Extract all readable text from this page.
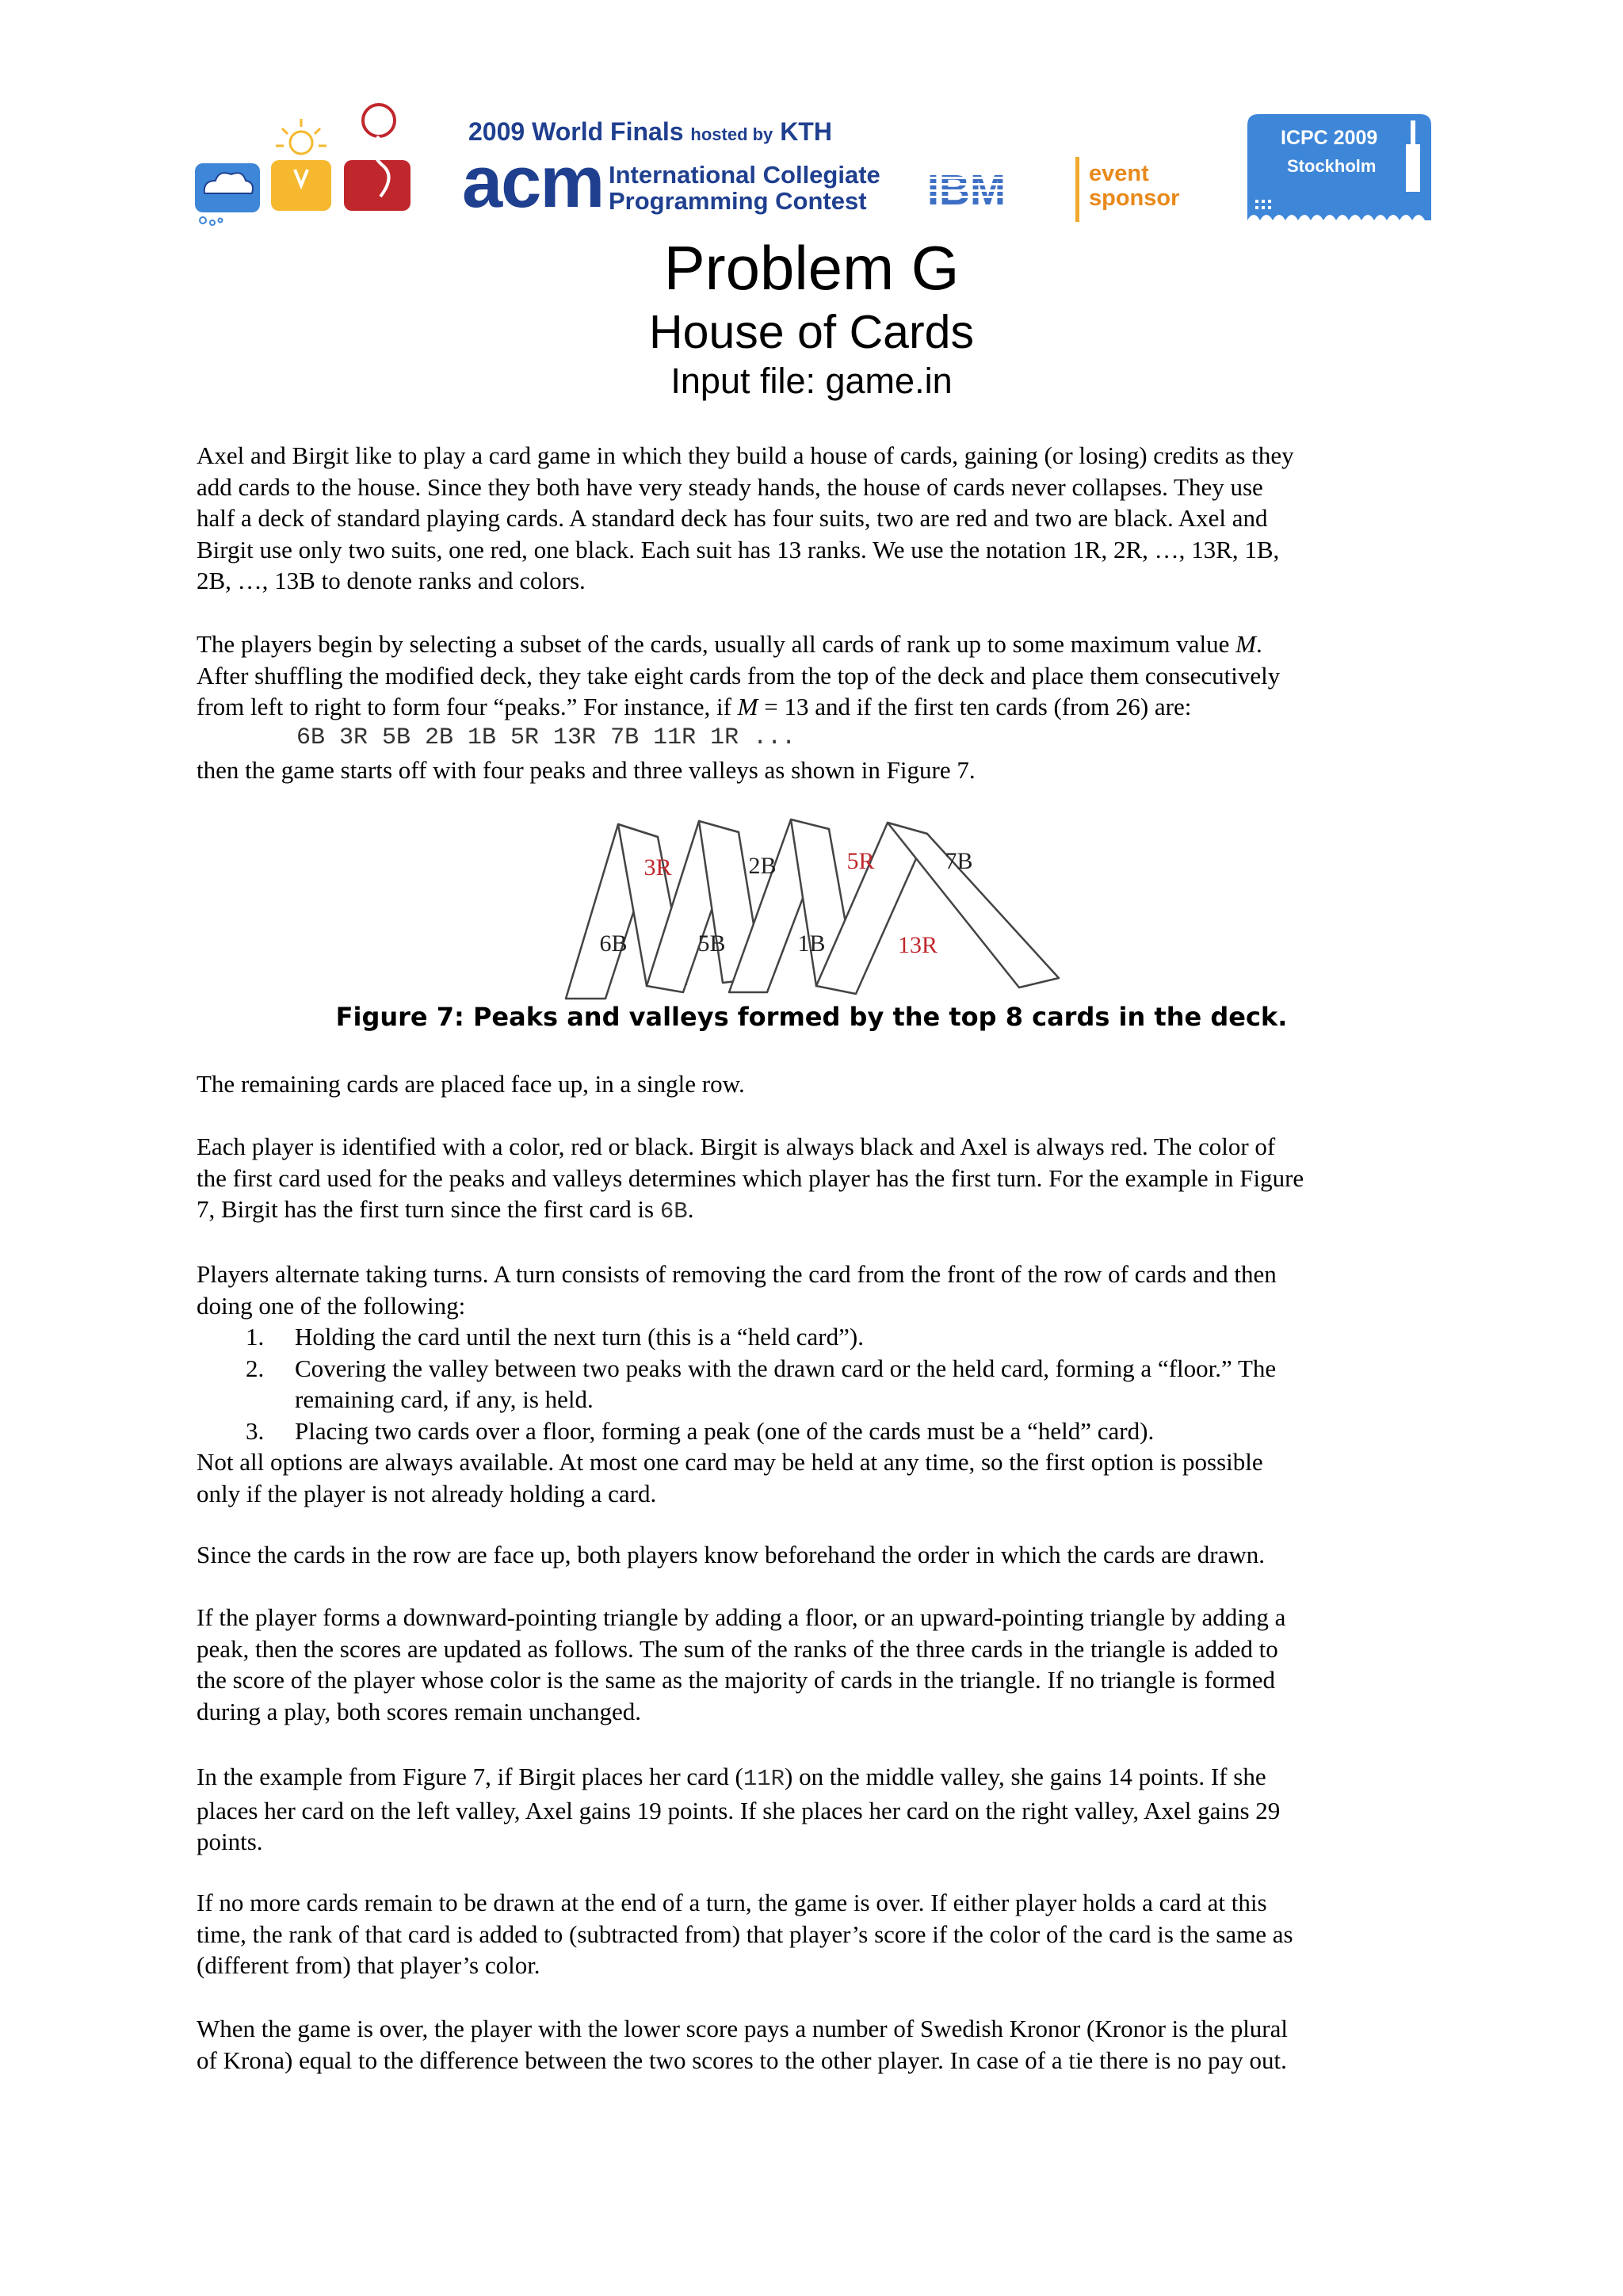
2009 World Finals hosted by KTH
acm International Collegiate
Programming Contest
event
sponsor
ICPC 2009
Stockholm
Problem G
House of Cards
Input file: game.in

Axel and Birgit like to play a card game in which they build a house of cards, gaining (or losing) credits as they

add cards to the house. Since they both have very steady hands, the house of cards never collapses. They use

half a deck of standard playing cards. A standard deck has four suits, two are red and two are black. Axel and

Birgit use only two suits, one red, one black. Each suit has 13 ranks. We use the notation 1R, 2R, …, 13R, 1B,

2B, …, 13B to denote ranks and colors.

The players begin by selecting a subset of the cards, usually all cards of rank up to some maximum value M.

After shuffling the modified deck, they take eight cards from the top of the deck and place them consecutively

from left to right to form four “peaks.” For instance, if M = 13 and if the first ten cards (from 26) are:

6B 3R 5B 2B 1B 5R 13R 7B 11R 1R ...

then the game starts off with four peaks and three valleys as shown in Figure 7.

6B
3R
5B
2B
1B
5R
13R
7B
Figure 7: Peaks and valleys formed by the top 8 cards in the deck.

The remaining cards are placed face up, in a single row.

Each player is identified with a color, red or black. Birgit is always black and Axel is always red. The color of

the first card used for the peaks and valleys determines which player has the first turn. For the example in Figure

7, Birgit has the first turn since the first card is 6B.

Players alternate taking turns. A turn consists of removing the card from the front of the row of cards and then

doing one of the following:

1. Holding the card until the next turn (this is a “held card”).
2. Covering the valley between two peaks with the drawn card or the held card, forming a “floor.” The
remaining card, if any, is held.
3. Placing two cards over a floor, forming a peak (one of the cards must be a “held” card).

Not all options are always available. At most one card may be held at any time, so the first option is possible

only if the player is not already holding a card.

Since the cards in the row are face up, both players know beforehand the order in which the cards are drawn.

If the player forms a downward-pointing triangle by adding a floor, or an upward-pointing triangle by adding a

peak, then the scores are updated as follows. The sum of the ranks of the three cards in the triangle is added to

the score of the player whose color is the same as the majority of cards in the triangle. If no triangle is formed

during a play, both scores remain unchanged.

In the example from Figure 7, if Birgit places her card (11R) on the middle valley, she gains 14 points. If she

places her card on the left valley, Axel gains 19 points. If she places her card on the right valley, Axel gains 29

points.

If no more cards remain to be drawn at the end of a turn, the game is over. If either player holds a card at this

time, the rank of that card is added to (subtracted from) that player’s score if the color of the card is the same as

(different from) that player’s color.

When the game is over, the player with the lower score pays a number of Swedish Kronor (Kronor is the plural

of Krona) equal to the difference between the two scores to the other player. In case of a tie there is no pay out.
